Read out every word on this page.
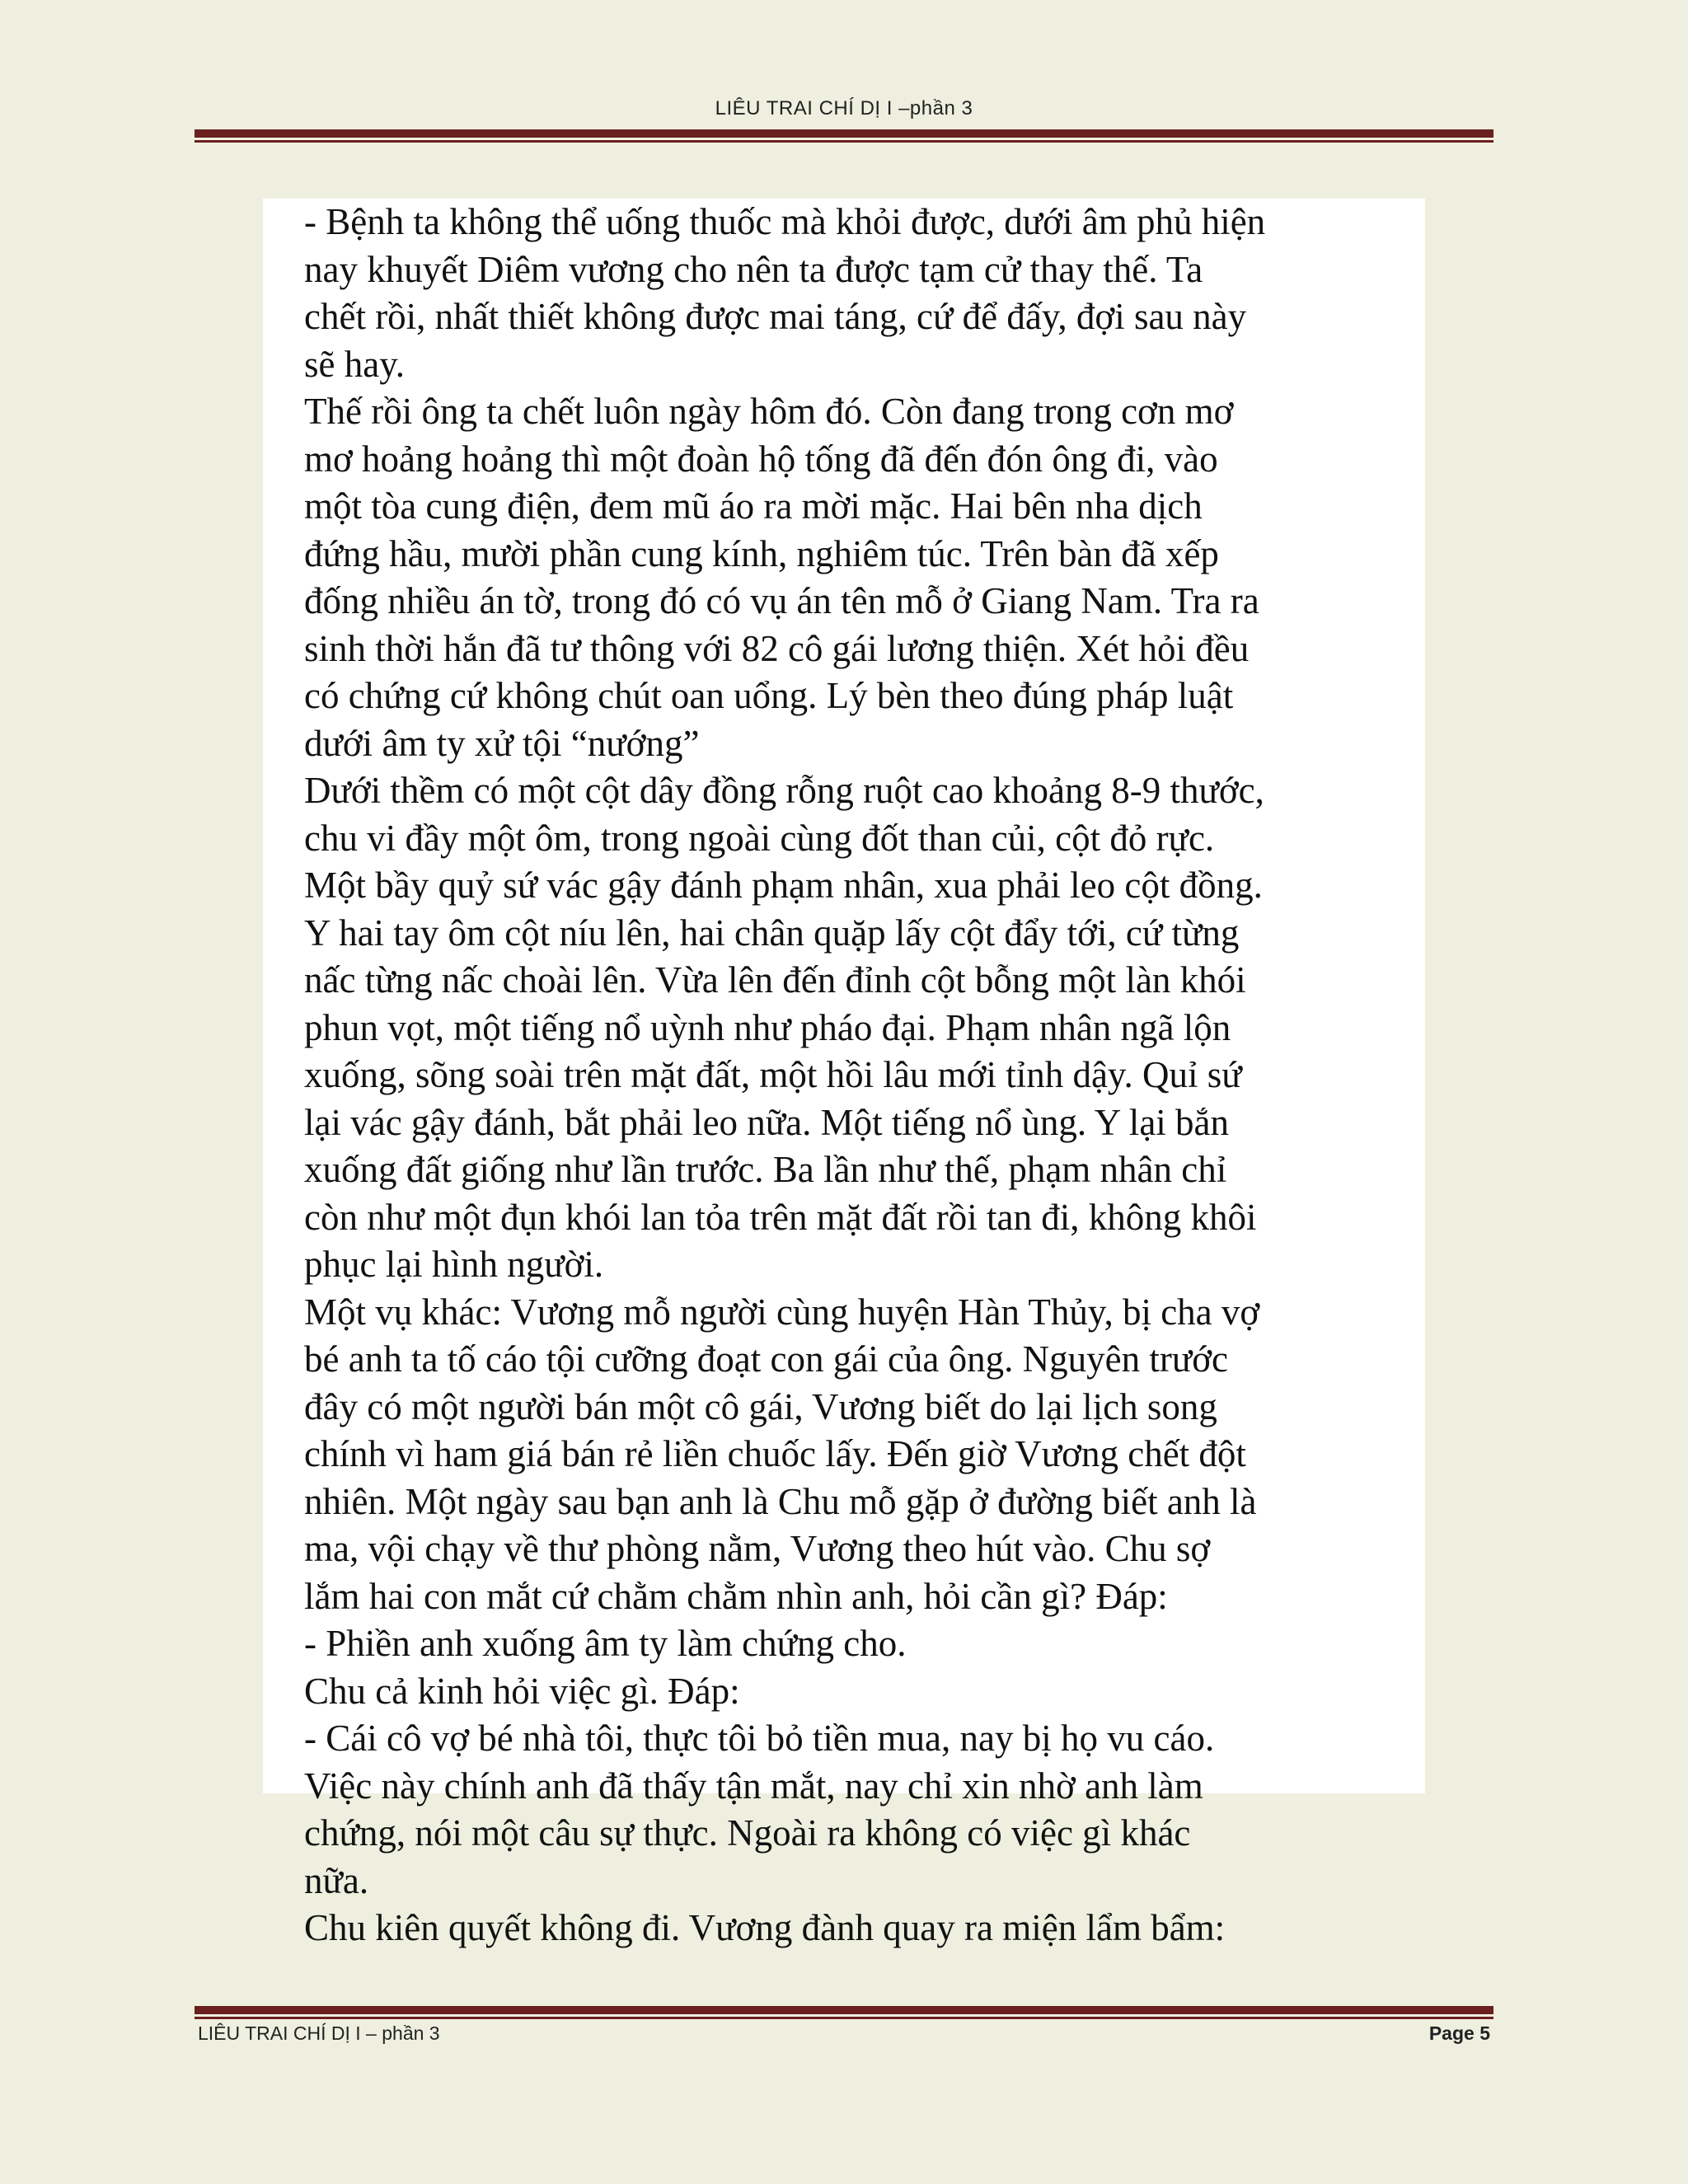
LIÊU TRAI CHÍ DỊ I –phần 3
- Bệnh ta không thể uống thuốc mà khỏi được, dưới âm phủ hiện
nay khuyết Diêm vương cho nên ta được tạm cử thay thế. Ta
chết rồi, nhất thiết không được mai táng, cứ để đấy, đợi sau này
sẽ hay.
Thế rồi ông ta chết luôn ngày hôm đó. Còn đang trong cơn mơ
mơ hoảng hoảng thì một đoàn hộ tống đã đến đón ông đi, vào
một tòa cung điện, đem mũ áo ra mời mặc. Hai bên nha dịch
đứng hầu, mười phần cung kính, nghiêm túc. Trên bàn đã xếp
đống nhiều án tờ, trong đó có vụ án tên mỗ ở Giang Nam. Tra ra
sinh thời hắn đã tư thông với 82 cô gái lương thiện. Xét hỏi đều
có chứng cứ không chút oan uổng. Lý bèn theo đúng pháp luật
dưới âm ty xử tội “nướng”
Dưới thềm có một cột dây đồng rỗng ruột cao khoảng 8-9 thước,
chu vi đầy một ôm, trong ngoài cùng đốt than củi, cột đỏ rực.
Một bầy quỷ sứ vác gậy đánh phạm nhân, xua phải leo cột đồng.
Y hai tay ôm cột níu lên, hai chân quặp lấy cột đẩy tới, cứ từng
nấc từng nấc choài lên. Vừa lên đến đỉnh cột bỗng một làn khói
phun vọt, một tiếng nổ uỳnh như pháo đại. Phạm nhân ngã lộn
xuống, sõng soài trên mặt đất, một hồi lâu mới tỉnh dậy. Quỉ sứ
lại vác gậy đánh, bắt phải leo nữa. Một tiếng nổ ùng. Y lại bắn
xuống đất giống như lần trước. Ba lần như thế, phạm nhân chỉ
còn như một đụn khói lan tỏa trên mặt đất rồi tan đi, không khôi
phục lại hình người.
Một vụ khác: Vương mỗ người cùng huyện Hàn Thủy, bị cha vợ
bé anh ta tố cáo tội cưỡng đoạt con gái của ông. Nguyên trước
đây có một người bán một cô gái, Vương biết do lại lịch song
chính vì ham giá bán rẻ liền chuốc lấy. Đến giờ Vương chết đột
nhiên. Một ngày sau bạn anh là Chu mỗ gặp ở đường biết anh là
ma, vội chạy về thư phòng nằm, Vương theo hút vào. Chu sợ
lắm hai con mắt cứ chằm chằm nhìn anh, hỏi cần gì? Đáp:
- Phiền anh xuống âm ty làm chứng cho.
Chu cả kinh hỏi việc gì. Đáp:
- Cái cô vợ bé nhà tôi, thực tôi bỏ tiền mua, nay bị họ vu cáo.
Việc này chính anh đã thấy tận mắt, nay chỉ xin nhờ anh làm
chứng, nói một câu sự thực. Ngoài ra không có việc gì khác
nữa.
Chu kiên quyết không đi. Vương đành quay ra miện lẩm bẩm:
LIÊU TRAI CHÍ DỊ I – phần 3	Page 5
